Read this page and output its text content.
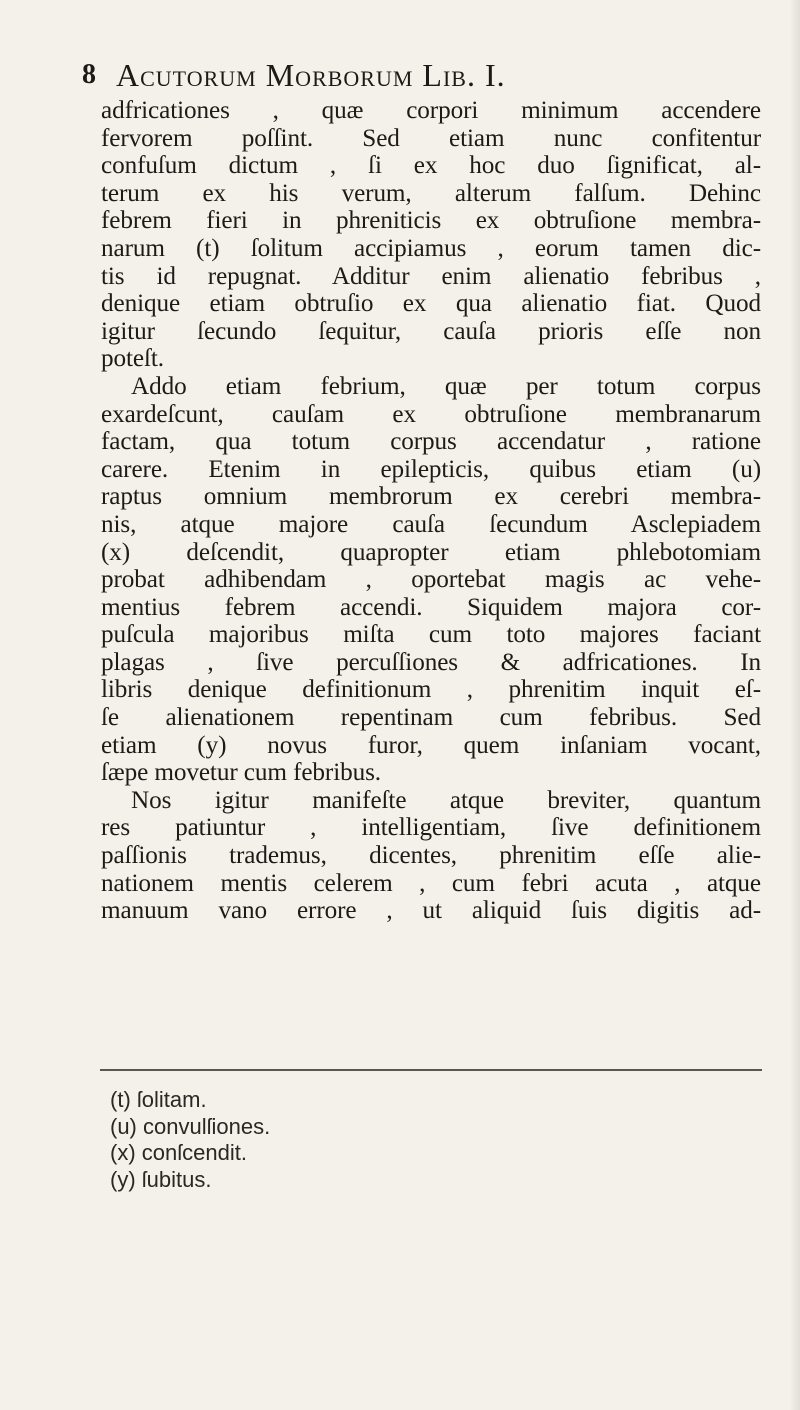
8 Acutorum Morborum Lib. I.
adfricationes , quæ corpori minimum accendere
fervorem poſſint. Sed etiam nunc confitentur
confuſum dictum , ſi ex hoc duo ſignificat, al-
terum ex his verum, alterum falſum. Dehinc
febrem fieri in phreniticis ex obtruſione membra-
narum (t) ſolitum accipiamus , eorum tamen dic-
tis id repugnat. Additur enim alienatio febribus ,
denique etiam obtruſio ex qua alienatio fiat. Quod
igitur ſecundo ſequitur, cauſa prioris eſſe non
poteſt.
Addo etiam febrium, quæ per totum corpus
exardeſcunt, cauſam ex obtruſione membranarum
factam, qua totum corpus accendatur , ratione
carere. Etenim in epilepticis, quibus etiam (u)
raptus omnium membrorum ex cerebri membra-
nis, atque majore cauſa ſecundum Asclepiadem
(x) deſcendit, quapropter etiam phlebotomiam
probat adhibendam , oportebat magis ac vehe-
mentius febrem accendi. Siquidem majora cor-
puſcula majoribus miſta cum toto majores faciant
plagas , ſive percuſſiones & adfricationes. In
libris denique definitionum , phrenitim inquit eſ-
ſe alienationem repentinam cum febribus. Sed
etiam (y) novus furor, quem inſaniam vocant,
ſæpe movetur cum febribus.
Nos igitur manifeſte atque breviter, quantum
res patiuntur , intelligentiam, ſive definitionem
paſſionis trademus, dicentes, phrenitim eſſe alie-
nationem mentis celerem , cum febri acuta , atque
manuum vano errore , ut aliquid ſuis digitis ad-
(t) ſolitam.
(u) convulſiones.
(x) conſcendit.
(y) ſubitus.
